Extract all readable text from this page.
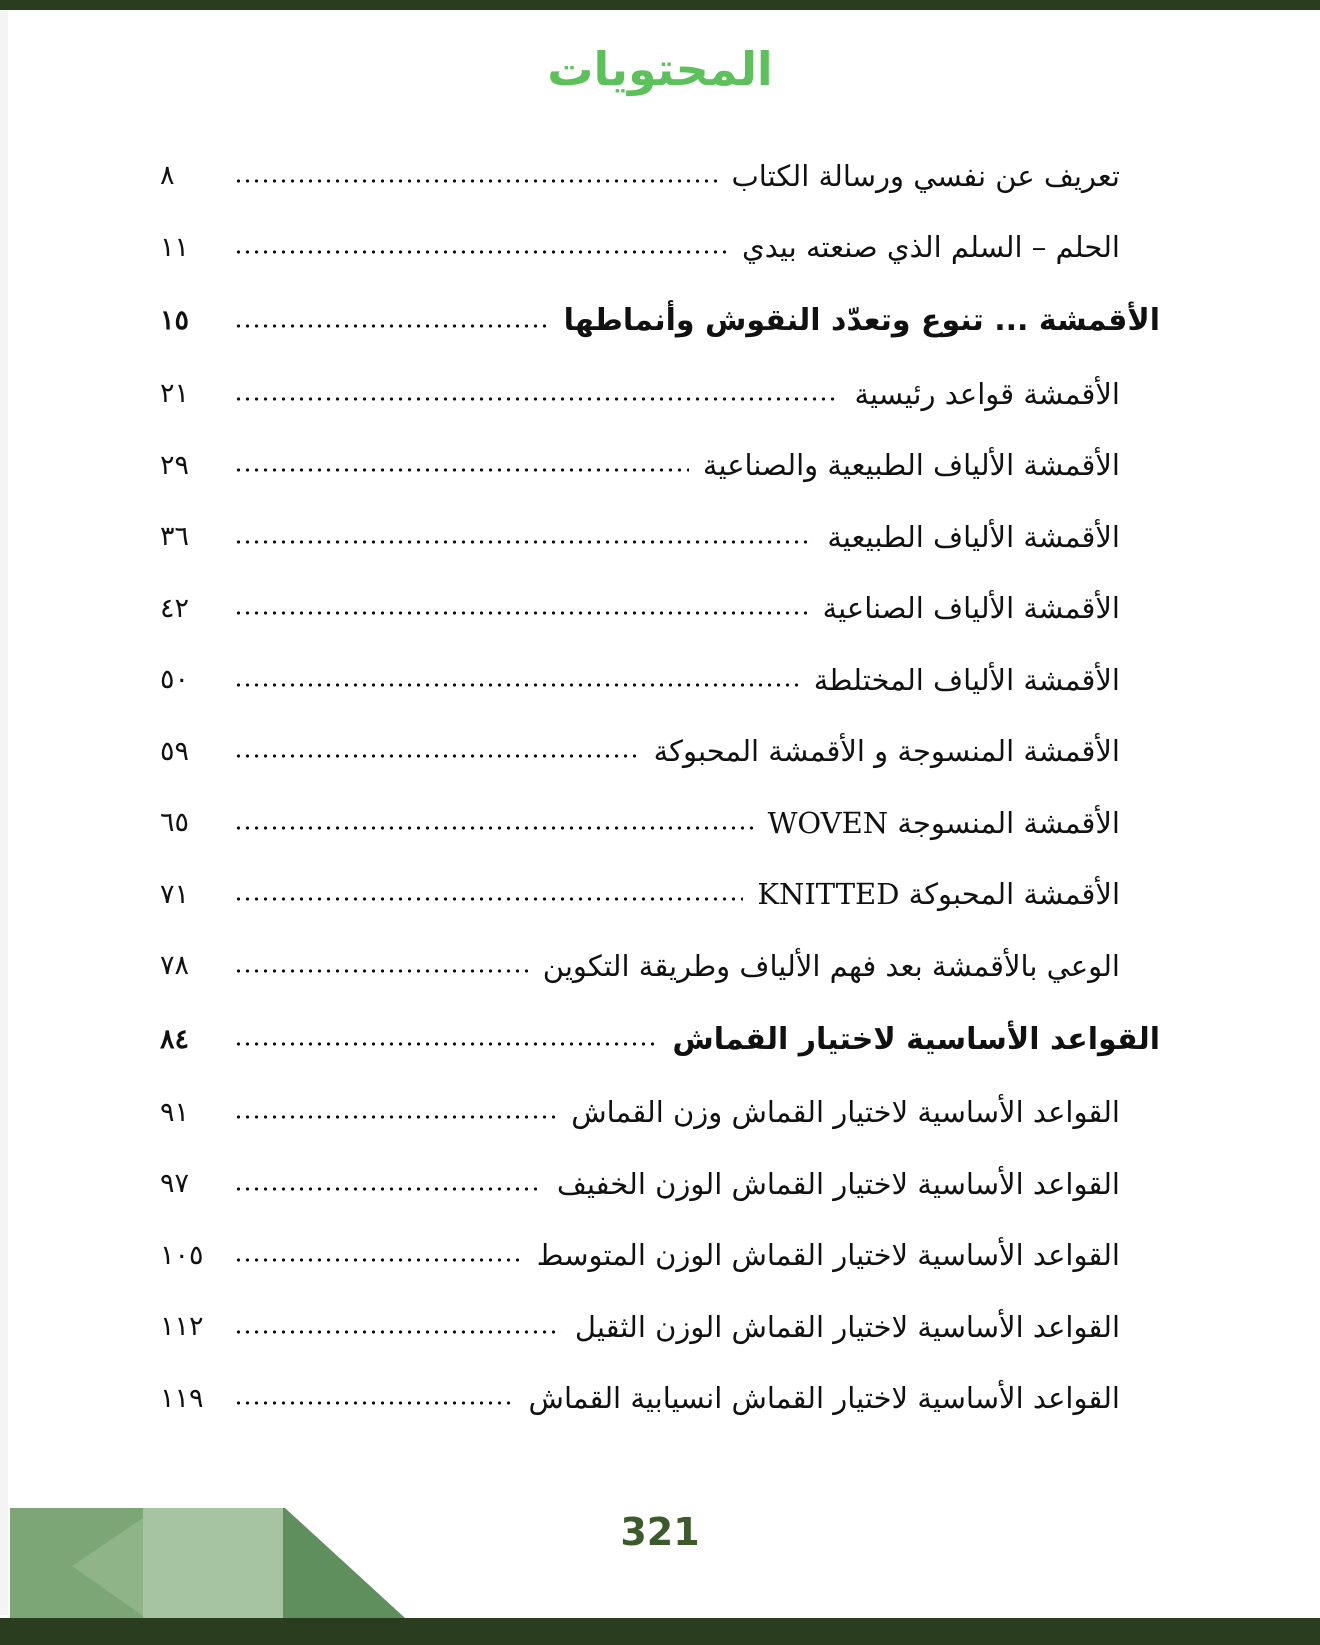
المحتويات
٨	تعريف عن نفسي ورسالة الكتاب
١١	الحلم – السلم الذي صنعته بيدي
١٥	الأقمشة ... تنوع وتعدّد النقوش وأنماطها
٢١	الأقمشة قواعد رئيسية
٢٩	الأقمشة الألياف الطبيعية والصناعية
٣٦	الأقمشة الألياف الطبيعية
٤٢	الأقمشة الألياف الصناعية
٥٠	الأقمشة الألياف المختلطة
٥٩	الأقمشة المنسوجة و الأقمشة المحبوكة
٦٥	الأقمشة المنسوجة WOVEN
٧١	الأقمشة المحبوكة KNITTED
٧٨	الوعي بالأقمشة بعد فهم الألياف وطريقة التكوين
٨٤	القواعد الأساسية لاختيار القماش
٩١	القواعد الأساسية لاختيار القماش وزن القماش
٩٧	القواعد الأساسية لاختيار القماش الوزن الخفيف
١٠٥	القواعد الأساسية لاختيار القماش الوزن المتوسط
١١٢	القواعد الأساسية لاختيار القماش الوزن الثقيل
١١٩	القواعد الأساسية لاختيار القماش انسيابية القماش
321
